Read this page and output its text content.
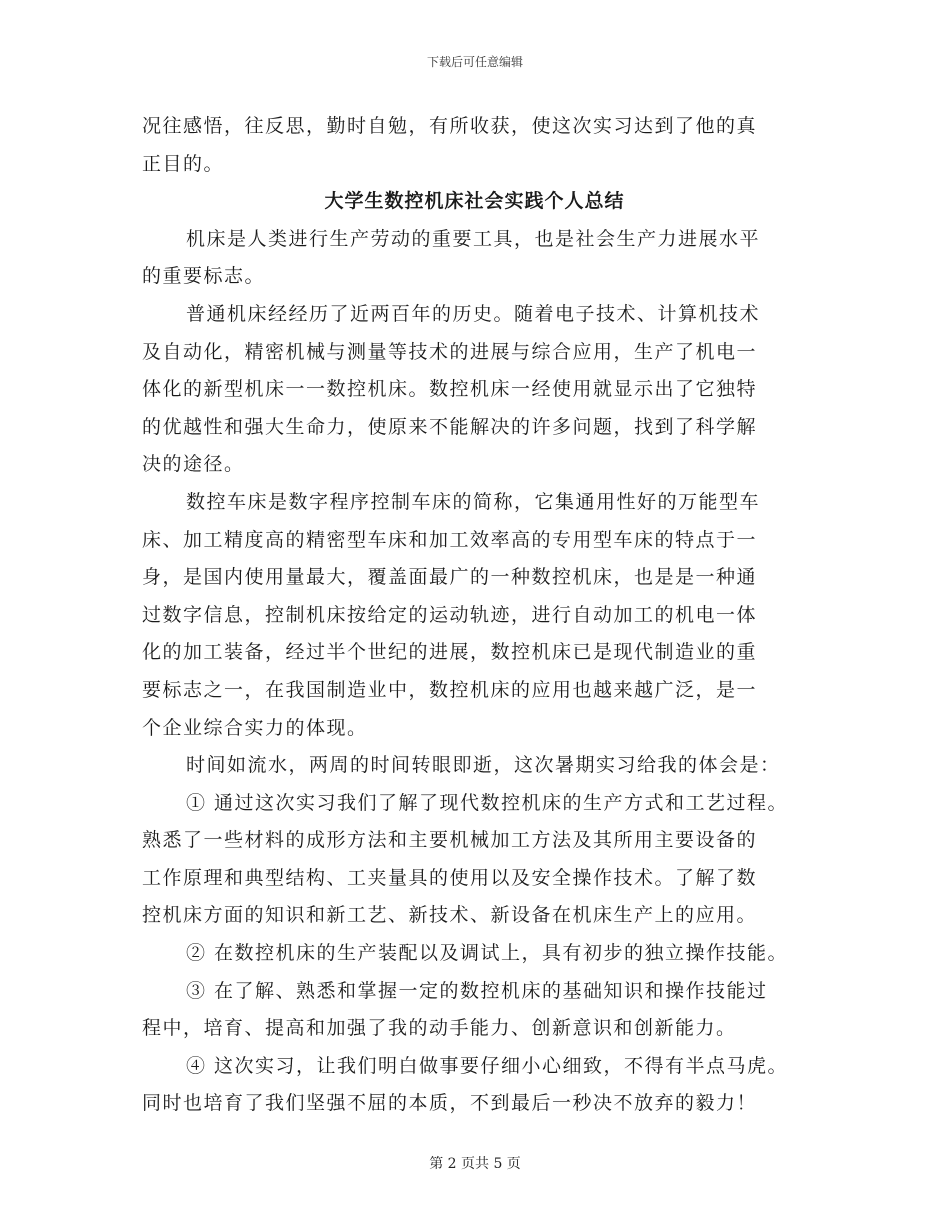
下载后可任意编辑
况往感悟，往反思，勤时自勉，有所收获，使这次实习达到了他的真
正目的。
大学生数控机床社会实践个人总结
机床是人类进行生产劳动的重要工具，也是社会生产力进展水平
的重要标志。
普通机床经经历了近两百年的历史。随着电子技术、计算机技术
及自动化，精密机械与测量等技术的进展与综合应用，生产了机电一
体化的新型机床一一数控机床。数控机床一经使用就显示出了它独特
的优越性和强大生命力，使原来不能解决的许多问题，找到了科学解
决的途径。
数控车床是数字程序控制车床的简称，它集通用性好的万能型车
床、加工精度高的精密型车床和加工效率高的专用型车床的特点于一
身，是国内使用量最大，覆盖面最广的一种数控机床，也是是一种通
过数字信息，控制机床按给定的运动轨迹，进行自动加工的机电一体
化的加工装备，经过半个世纪的进展，数控机床已是现代制造业的重
要标志之一，在我国制造业中，数控机床的应用也越来越广泛，是一
个企业综合实力的体现。
时间如流水，两周的时间转眼即逝，这次暑期实习给我的体会是：
① 通过这次实习我们了解了现代数控机床的生产方式和工艺过程。
熟悉了一些材料的成形方法和主要机械加工方法及其所用主要设备的
工作原理和典型结构、工夹量具的使用以及安全操作技术。了解了数
控机床方面的知识和新工艺、新技术、新设备在机床生产上的应用。
② 在数控机床的生产装配以及调试上，具有初步的独立操作技能。
③ 在了解、熟悉和掌握一定的数控机床的基础知识和操作技能过
程中，培育、提高和加强了我的动手能力、创新意识和创新能力。
④ 这次实习，让我们明白做事要仔细小心细致，不得有半点马虎。
同时也培育了我们坚强不屈的本质，不到最后一秒决不放弃的毅力！
第 2 页共 5 页
